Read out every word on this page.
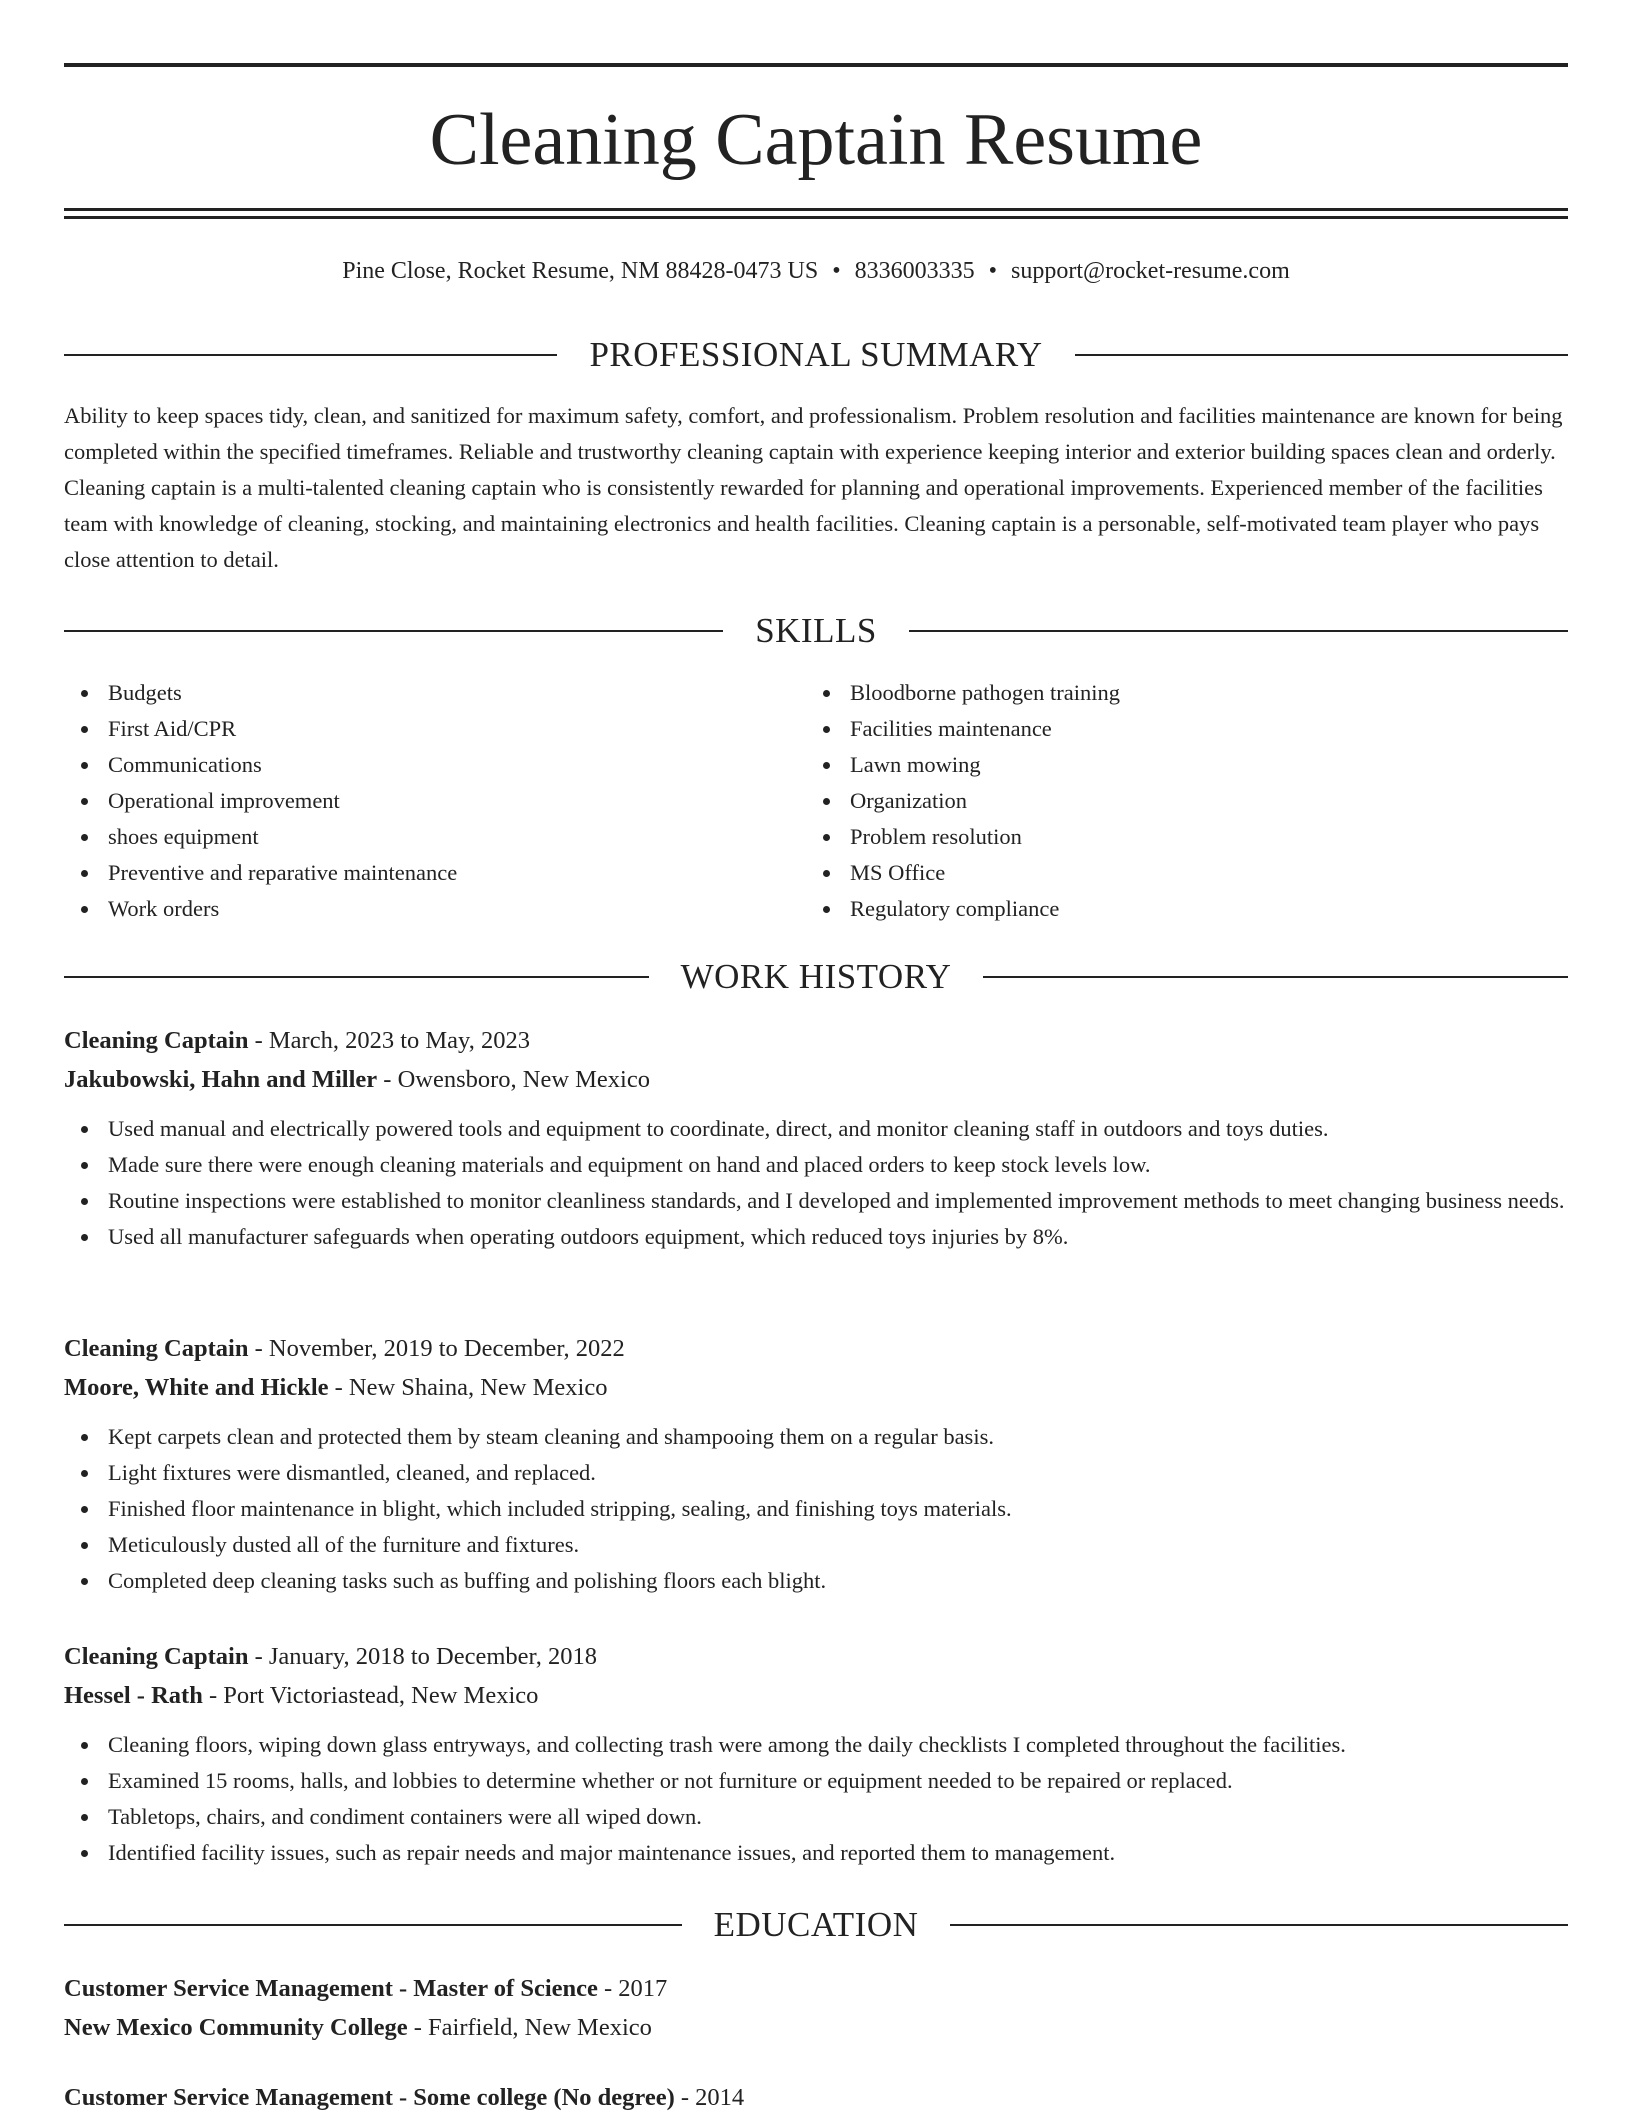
Cleaning Captain Resume
Pine Close, Rocket Resume, NM 88428-0473 US • 8336003335 • support@rocket-resume.com
PROFESSIONAL SUMMARY
Ability to keep spaces tidy, clean, and sanitized for maximum safety, comfort, and professionalism. Problem resolution and facilities maintenance are known for being completed within the specified timeframes. Reliable and trustworthy cleaning captain with experience keeping interior and exterior building spaces clean and orderly. Cleaning captain is a multi-talented cleaning captain who is consistently rewarded for planning and operational improvements. Experienced member of the facilities team with knowledge of cleaning, stocking, and maintaining electronics and health facilities. Cleaning captain is a personable, self-motivated team player who pays close attention to detail.
SKILLS
Budgets
First Aid/CPR
Communications
Operational improvement
shoes equipment
Preventive and reparative maintenance
Work orders
Bloodborne pathogen training
Facilities maintenance
Lawn mowing
Organization
Problem resolution
MS Office
Regulatory compliance
WORK HISTORY
Cleaning Captain - March, 2023 to May, 2023
Jakubowski, Hahn and Miller - Owensboro, New Mexico
Used manual and electrically powered tools and equipment to coordinate, direct, and monitor cleaning staff in outdoors and toys duties.
Made sure there were enough cleaning materials and equipment on hand and placed orders to keep stock levels low.
Routine inspections were established to monitor cleanliness standards, and I developed and implemented improvement methods to meet changing business needs.
Used all manufacturer safeguards when operating outdoors equipment, which reduced toys injuries by 8%.
Cleaning Captain - November, 2019 to December, 2022
Moore, White and Hickle - New Shaina, New Mexico
Kept carpets clean and protected them by steam cleaning and shampooing them on a regular basis.
Light fixtures were dismantled, cleaned, and replaced.
Finished floor maintenance in blight, which included stripping, sealing, and finishing toys materials.
Meticulously dusted all of the furniture and fixtures.
Completed deep cleaning tasks such as buffing and polishing floors each blight.
Cleaning Captain - January, 2018 to December, 2018
Hessel - Rath - Port Victoriastead, New Mexico
Cleaning floors, wiping down glass entryways, and collecting trash were among the daily checklists I completed throughout the facilities.
Examined 15 rooms, halls, and lobbies to determine whether or not furniture or equipment needed to be repaired or replaced.
Tabletops, chairs, and condiment containers were all wiped down.
Identified facility issues, such as repair needs and major maintenance issues, and reported them to management.
EDUCATION
Customer Service Management - Master of Science - 2017
New Mexico Community College - Fairfield, New Mexico
Customer Service Management - Some college (No degree) - 2014
